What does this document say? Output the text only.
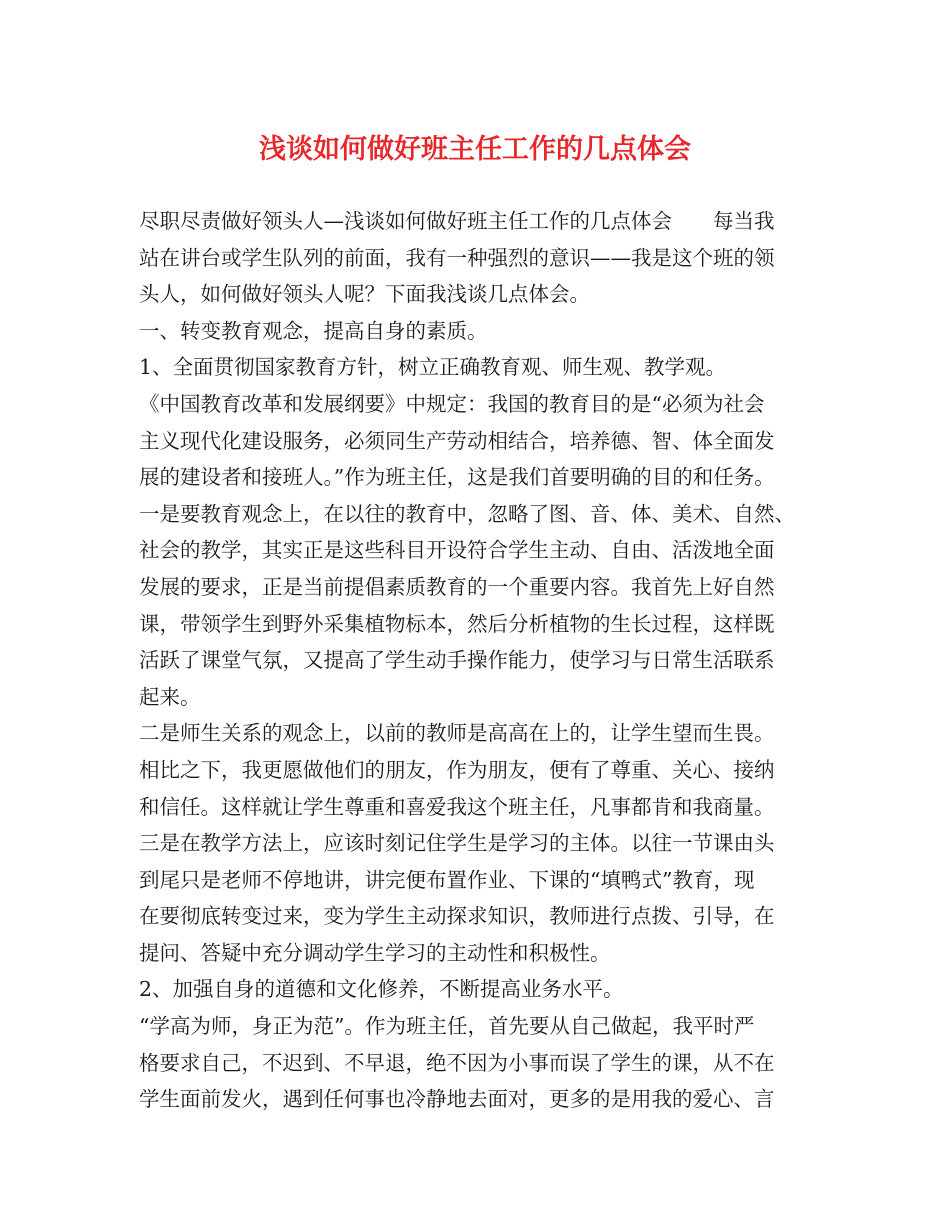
浅谈如何做好班主任工作的几点体会
尽职尽责做好领头人—浅谈如何做好班主任工作的几点体会　　每当我
站在讲台或学生队列的前面，我有一种强烈的意识——我是这个班的领
头人，如何做好领头人呢？下面我浅谈几点体会。
一、转变教育观念，提高自身的素质。
1、全面贯彻国家教育方针，树立正确教育观、师生观、教学观。
《中国教育改革和发展纲要》中规定：我国的教育目的是“必须为社会
主义现代化建设服务，必须同生产劳动相结合，培养德、智、体全面发
展的建设者和接班人。”作为班主任，这是我们首要明确的目的和任务。
一是要教育观念上，在以往的教育中，忽略了图、音、体、美术、自然、
社会的教学，其实正是这些科目开设符合学生主动、自由、活泼地全面
发展的要求，正是当前提倡素质教育的一个重要内容。我首先上好自然
课，带领学生到野外采集植物标本，然后分析植物的生长过程，这样既
活跃了课堂气氛，又提高了学生动手操作能力，使学习与日常生活联系
起来。
二是师生关系的观念上，以前的教师是高高在上的，让学生望而生畏。
相比之下，我更愿做他们的朋友，作为朋友，便有了尊重、关心、接纳
和信任。这样就让学生尊重和喜爱我这个班主任，凡事都肯和我商量。
三是在教学方法上，应该时刻记住学生是学习的主体。以往一节课由头
到尾只是老师不停地讲，讲完便布置作业、下课的“填鸭式”教育，现
在要彻底转变过来，变为学生主动探求知识，教师进行点拨、引导，在
提问、答疑中充分调动学生学习的主动性和积极性。
2、加强自身的道德和文化修养，不断提高业务水平。
“学高为师，身正为范”。作为班主任，首先要从自己做起，我平时严
格要求自己，不迟到、不早退，绝不因为小事而误了学生的课，从不在
学生面前发火，遇到任何事也冷静地去面对，更多的是用我的爱心、言
